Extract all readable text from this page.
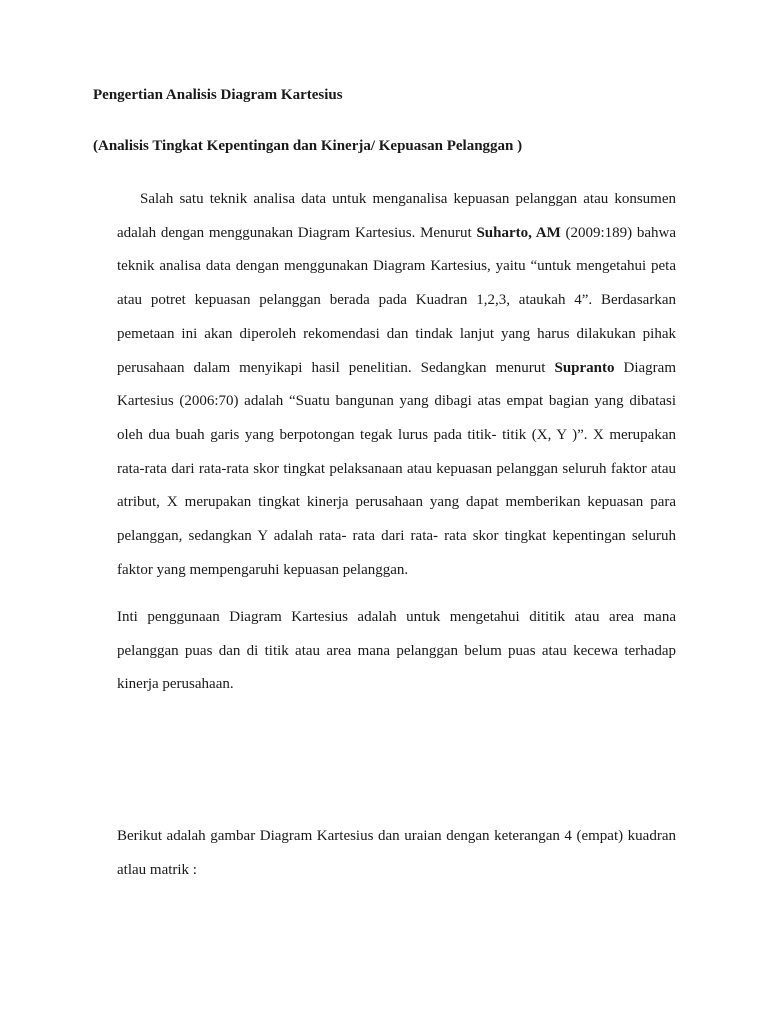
Pengertian Analisis Diagram Kartesius
(Analisis Tingkat Kepentingan dan Kinerja/ Kepuasan Pelanggan )

Salah satu teknik analisa data untuk menganalisa kepuasan pelanggan atau konsumen adalah dengan menggunakan Diagram Kartesius. Menurut Suharto, AM (2009:189) bahwa teknik analisa data dengan menggunakan Diagram Kartesius, yaitu “untuk mengetahui peta atau potret kepuasan pelanggan berada pada Kuadran 1,2,3, ataukah 4”. Berdasarkan pemetaan ini akan diperoleh rekomendasi dan tindak lanjut yang harus dilakukan pihak perusahaan dalam menyikapi hasil penelitian. Sedangkan menurut Supranto Diagram Kartesius (2006:70) adalah “Suatu bangunan yang dibagi atas empat bagian yang dibatasi oleh dua buah garis yang berpotongan tegak lurus pada titik- titik (X, Y )”. X merupakan rata-rata dari rata-rata skor tingkat pelaksanaan atau kepuasan pelanggan seluruh faktor atau atribut, X merupakan tingkat kinerja perusahaan yang dapat memberikan kepuasan para pelanggan, sedangkan Y adalah rata- rata dari rata- rata skor tingkat kepentingan seluruh faktor yang mempengaruhi kepuasan pelanggan.

Inti penggunaan Diagram Kartesius adalah untuk mengetahui dititik atau area mana pelanggan puas dan di titik atau area mana pelanggan belum puas atau kecewa terhadap kinerja perusahaan.

Berikut adalah gambar Diagram Kartesius dan uraian dengan keterangan 4 (empat) kuadran atlau matrik :
